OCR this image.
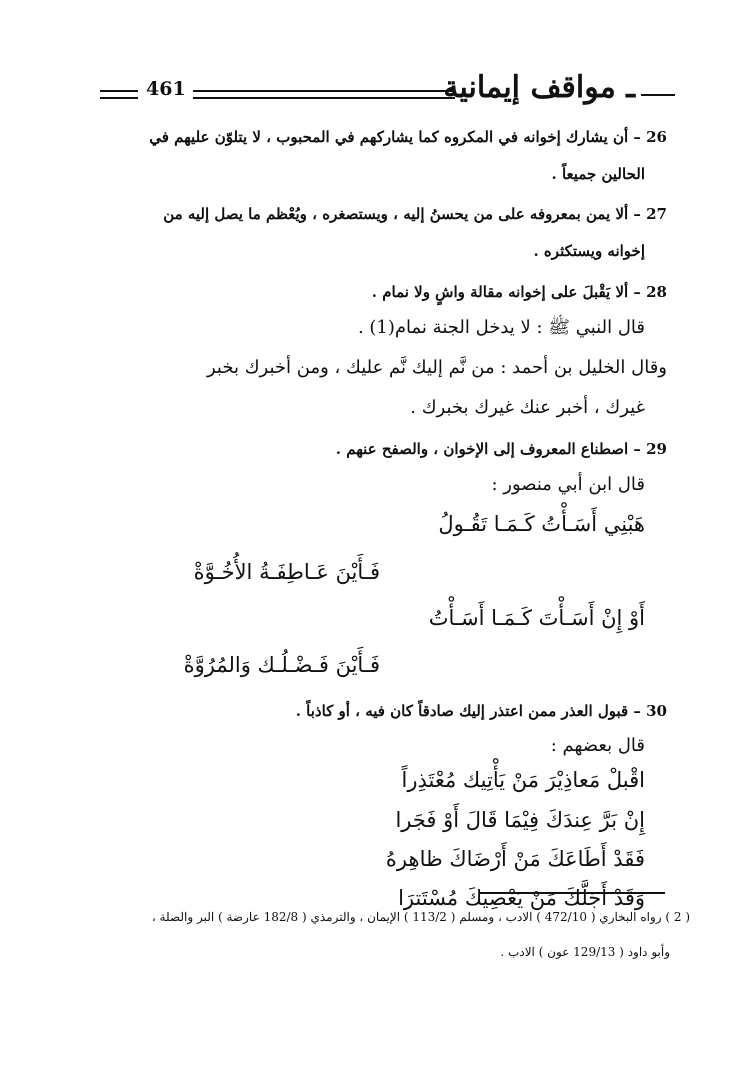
ـ مواقف إيمانية
461
26 – أن يشارك إخوانه في المكروه كما يشاركهم في المحبوب ، لا يتلوّن عليهم في
الحالين جميعاً .
27 – ألا يمن بمعروفه على من يحسنُ إليه ، ويستصغره ، ويُعْظم ما يصل إليه من
إخوانه ويستكثره .
28 – ألا يَقْبلَ على إخوانه مقالة واشٍ ولا نمام .
قال النبي ﷺ : لا يدخل الجنة نمام(1) .
وقال الخليل بن أحمد : من نَّم إليك نَّم عليك ، ومن أخبرك بخبر
غيرك ، أخبر عنك غيرك بخبرك .
29 – اصطناع المعروف إلى الإخوان ، والصفح عنهم .
قال ابن أبي منصور :
هَبْنِي أَسَـأْتُ كَـمَـا تَقُـولُ
فَـأَيْنَ عَـاطِفَـةُ الأُخُـوَّةْ
أَوْ إِنْ أَسَـأْتَ كَـمَـا أَسَـأْتُ
فَـأَيْنَ فَـضْـلُـك وَالمُرُوَّةْ
30 – قبول العذر ممن اعتذر إليك صادقاً كان فيه ، أو كاذباً .
قال بعضهم :
اقْبلْ مَعاذِيْرَ مَنْ يَأْتِيك مُعْتَذِراً
إِنْ بَرَّ عِندَكَ فِيْمَا قَالَ أَوْ فَجَرا
فَقَدْ أَطَاعَكَ مَنْ أَرْضَاكَ ظاهِرهُ
وَقَدْ أَجَلَّكَ مَنْ يَعْصِيكَ مُسْتَترَا
( 2 ) رواه البخاري ( 472/10 ) الادب ، ومسلم ( 113/2 ) الإيمان ، والترمذي ( 182/8 عارضة ) البر والصلة ،
وأبو داود ( 129/13 عون ) الادب .
